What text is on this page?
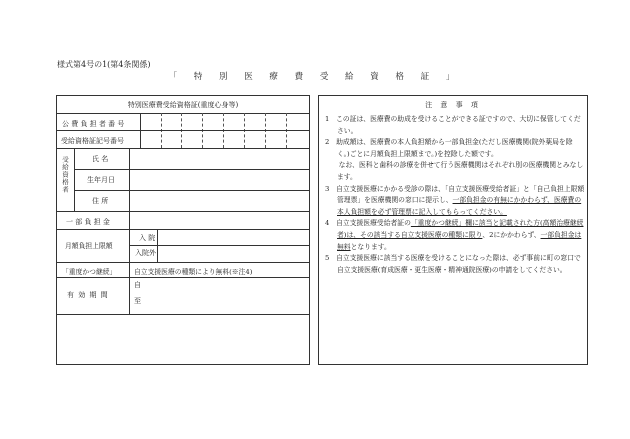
様式第4号の1(第4条関係)
「 特 別 医 療 費 受 給 資 格 証 」
特別医療費受給資格証(重度心身等)
公 費 負 担 者 番 号
受給資格証記号番号
受給資格者	氏 名
生年月日
住 所
一 部 負 担 金
月額負担上限額
入 院
入院外
「重度かつ継続」	自立支援医療の種類により無料(※注4)
有 効 期 間
自
至
注 意 事 項

1　 この証は、医療費の助成を受けることができる証ですので、大切に保管してください。

2　 助成額は、医療費の本人負担額から一部負担金(ただし医療機関(院外薬局を除く。)ごとに月額負担上限額まで。)を控除した額です。

　　なお、医科と歯科の診療を併せて行う医療機関はそれぞれ別の医療機関とみなします。

3　 自立支援医療にかかる受診の際は、「自立支援医療受給者証」と「自己負担上限額管理票」を医療機関の窓口に提示し、一部負担金の有無にかかわらず、医療費の本人負担額を必ず管理票に記入してもらってください。

4　 自立支援医療受給者証の「重度かつ継続」欄に該当と記載された方(高額治療継続者)は、その該当する自立支援医療の種類に限り、2にかかわらず、一部負担金は無料となります。

5　 自立支援医療に該当する医療を受けることになった際は、必ず事前に町の窓口で自立支援医療(育成医療・更生医療・精神通院医療)の申請をしてください。
